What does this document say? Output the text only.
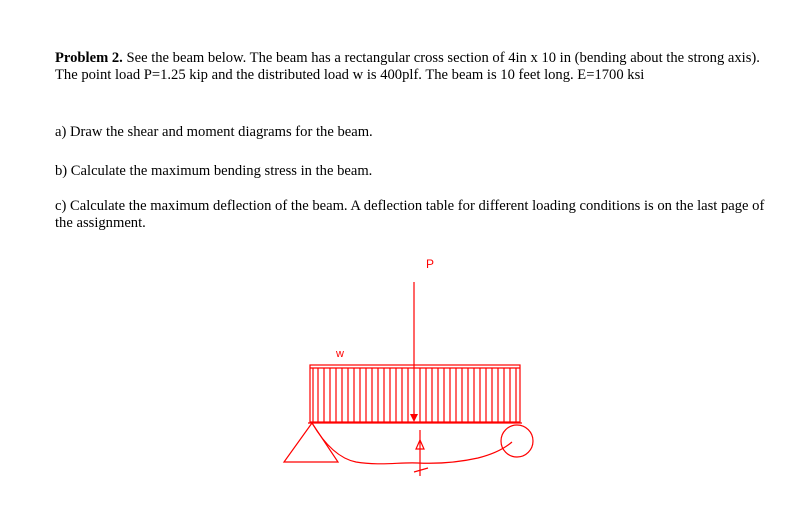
Problem 2. See the beam below. The beam has a rectangular cross section of 4in x 10 in (bending about the strong axis). The point load P=1.25 kip and the distributed load w is 400plf. The beam is 10 feet long. E=1700 ksi
a) Draw the shear and moment diagrams for the beam.
b) Calculate the maximum bending stress in the beam.
c) Calculate the maximum deflection of the beam. A deflection table for different loading conditions is on the last page of the assignment.
P
w
